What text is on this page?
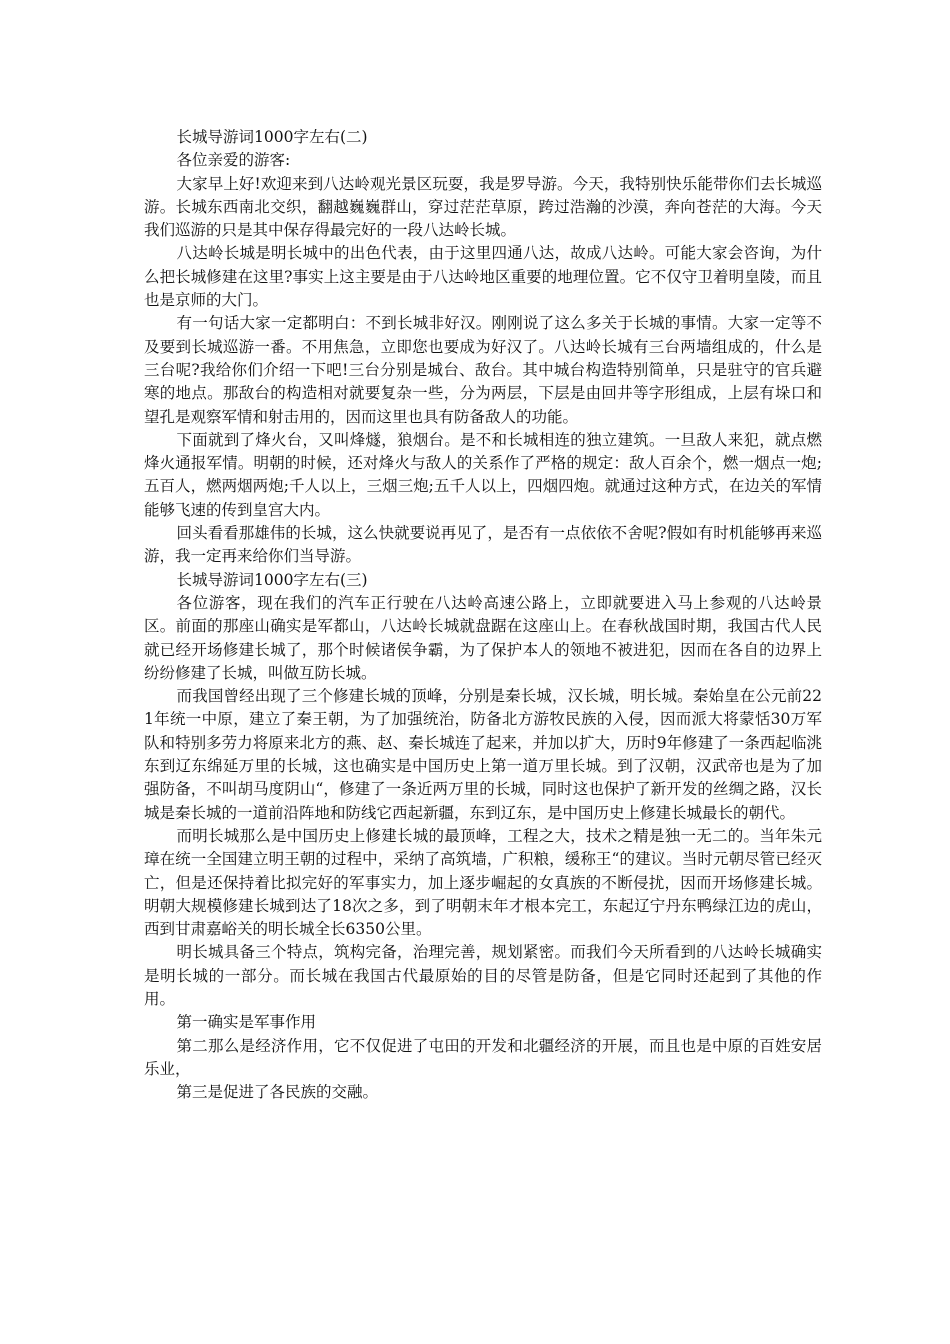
长城导游词1000字左右(二)

各位亲爱的游客:

大家早上好!欢迎来到八达岭观光景区玩耍，我是罗导游。今天，我特别快乐能带你们去长城巡游。长城东西南北交织，翻越巍巍群山，穿过茫茫草原，跨过浩瀚的沙漠，奔向苍茫的大海。今天我们巡游的只是其中保存得最完好的一段八达岭长城。

八达岭长城是明长城中的出色代表，由于这里四通八达，故成八达岭。可能大家会咨询，为什么把长城修建在这里?事实上这主要是由于八达岭地区重要的地理位置。它不仅守卫着明皇陵，而且也是京师的大门。

有一句话大家一定都明白：不到长城非好汉。刚刚说了这么多关于长城的事情。大家一定等不及要到长城巡游一番。不用焦急，立即您也要成为好汉了。八达岭长城有三台两墙组成的，什么是三台呢?我给你们介绍一下吧!三台分别是城台、敌台。其中城台构造特别简单，只是驻守的官兵避寒的地点。那敌台的构造相对就要复杂一些，分为两层，下层是由回井等字形组成，上层有垛口和望孔是观察军情和射击用的，因而这里也具有防备敌人的功能。

下面就到了烽火台，又叫烽燧，狼烟台。是不和长城相连的独立建筑。一旦敌人来犯，就点燃烽火通报军情。明朝的时候，还对烽火与敌人的关系作了严格的规定：敌人百余个，燃一烟点一炮;五百人，燃两烟两炮;千人以上，三烟三炮;五千人以上，四烟四炮。就通过这种方式，在边关的军情能够飞速的传到皇宫大内。

回头看看那雄伟的长城，这么快就要说再见了，是否有一点依依不舍呢?假如有时机能够再来巡游，我一定再来给你们当导游。

长城导游词1000字左右(三)

各位游客，现在我们的汽车正行驶在八达岭高速公路上，立即就要进入马上参观的八达岭景区。前面的那座山确实是军都山，八达岭长城就盘踞在这座山上。在春秋战国时期，我国古代人民就已经开场修建长城了，那个时候诸侯争霸，为了保护本人的领地不被进犯，因而在各自的边界上纷纷修建了长城，叫做互防长城。

而我国曾经出现了三个修建长城的顶峰，分别是秦长城，汉长城，明长城。秦始皇在公元前221年统一中原，建立了秦王朝，为了加强统治，防备北方游牧民族的入侵，因而派大将蒙恬30万军队和特别多劳力将原来北方的燕、赵、秦长城连了起来，并加以扩大，历时9年修建了一条西起临洮东到辽东绵延万里的长城，这也确实是中国历史上第一道万里长城。到了汉朝，汉武帝也是为了加强防备，不叫胡马度阴山“，修建了一条近两万里的长城，同时这也保护了新开发的丝绸之路，汉长城是秦长城的一道前沿阵地和防线它西起新疆，东到辽东，是中国历史上修建长城最长的朝代。

而明长城那么是中国历史上修建长城的最顶峰，工程之大，技术之精是独一无二的。当年朱元璋在统一全国建立明王朝的过程中，采纳了高筑墙，广积粮，缓称王“的建议。当时元朝尽管已经灭亡，但是还保持着比拟完好的军事实力，加上逐步崛起的女真族的不断侵扰，因而开场修建长城。明朝大规模修建长城到达了18次之多，到了明朝末年才根本完工，东起辽宁丹东鸭绿江边的虎山，西到甘肃嘉峪关的明长城全长6350公里。

明长城具备三个特点，筑构完备，治理完善，规划紧密。而我们今天所看到的八达岭长城确实是明长城的一部分。而长城在我国古代最原始的目的尽管是防备，但是它同时还起到了其他的作用。

第一确实是军事作用

第二那么是经济作用，它不仅促进了屯田的开发和北疆经济的开展，而且也是中原的百姓安居乐业，

第三是促进了各民族的交融。
